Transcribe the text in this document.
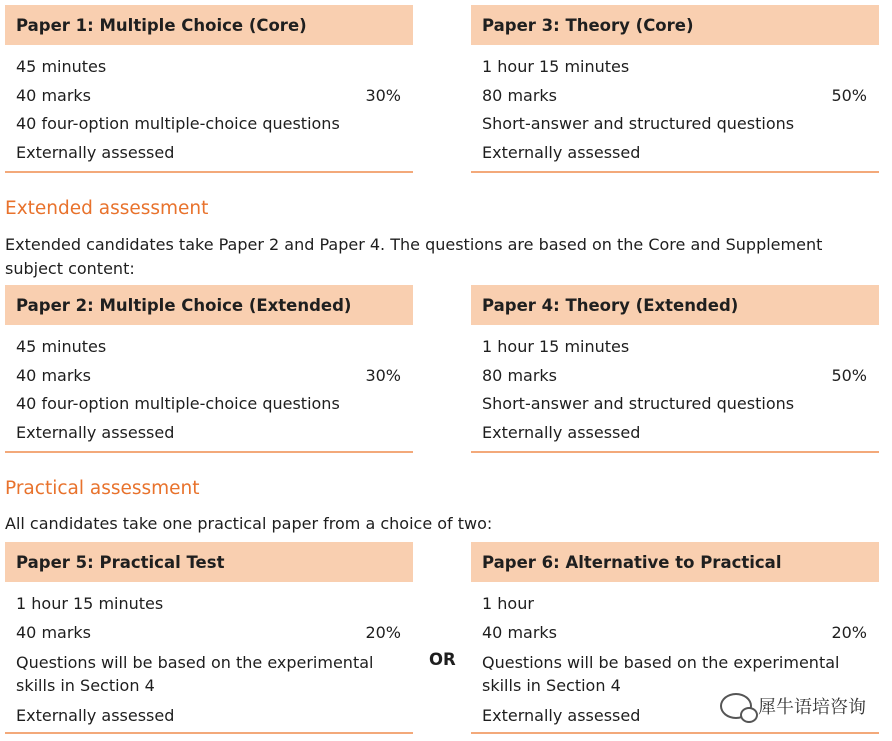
Paper 1: Multiple Choice (Core)
45 minutes
40 marks	30%
40 four-option multiple-choice questions
Externally assessed
Paper 3: Theory (Core)
1 hour 15 minutes
80 marks	50%
Short-answer and structured questions
Externally assessed
Extended assessment
Extended candidates take Paper 2 and Paper 4. The questions are based on the Core and Supplement subject content:
Paper 2: Multiple Choice (Extended)
45 minutes
40 marks	30%
40 four-option multiple-choice questions
Externally assessed
Paper 4: Theory (Extended)
1 hour 15 minutes
80 marks	50%
Short-answer and structured questions
Externally assessed
Practical assessment
All candidates take one practical paper from a choice of two:
Paper 5: Practical Test
1 hour 15 minutes
40 marks	20%
Questions will be based on the experimental skills in Section 4
Externally assessed
OR
Paper 6: Alternative to Practical
1 hour
40 marks	20%
Questions will be based on the experimental skills in Section 4
Externally assessed	犀牛语培咨询
